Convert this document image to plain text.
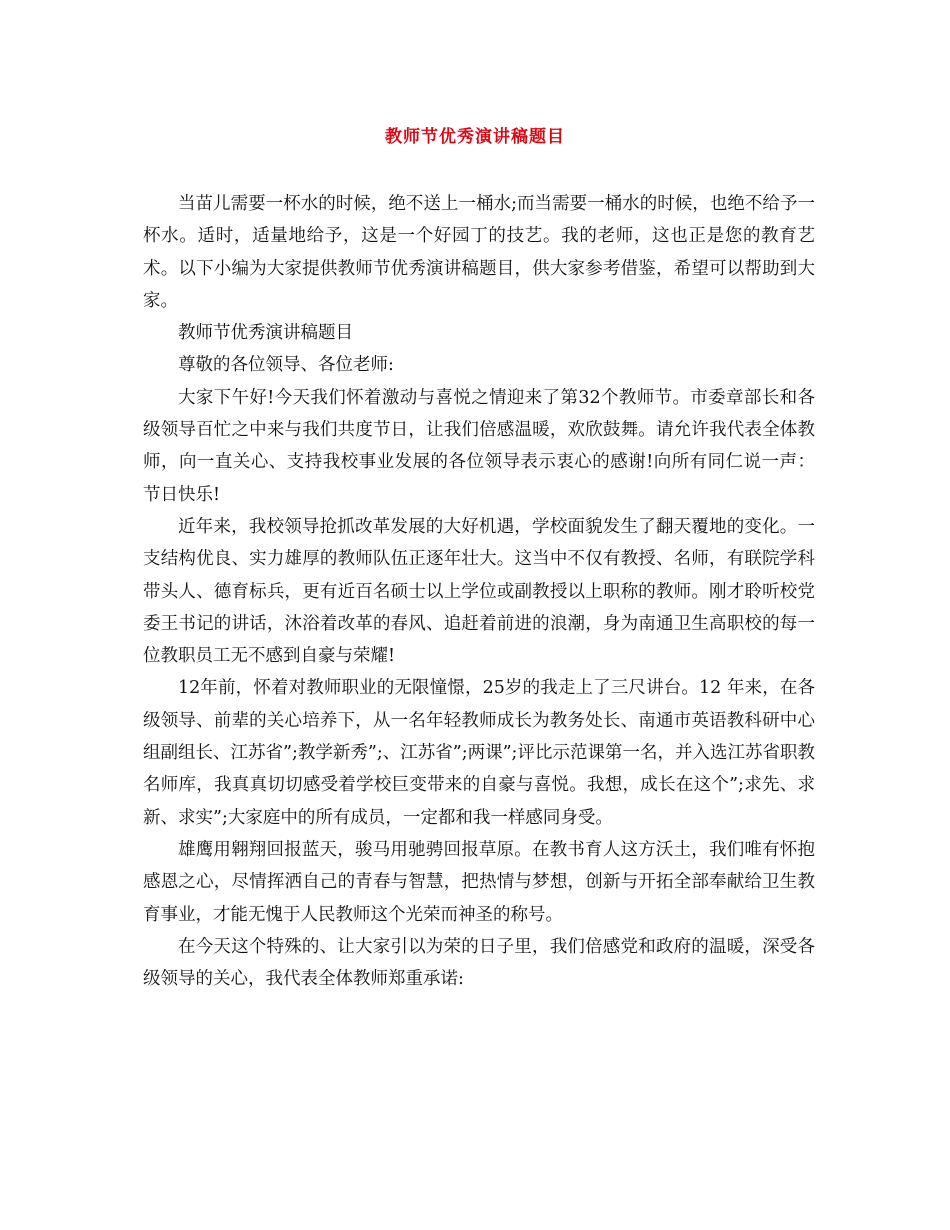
教师节优秀演讲稿题目

当苗儿需要一杯水的时候，绝不送上一桶水;而当需要一桶水的时候，也绝不给予一杯水。适时，适量地给予，这是一个好园丁的技艺。我的老师，这也正是您的教育艺术。以下小编为大家提供教师节优秀演讲稿题目，供大家参考借鉴，希望可以帮助到大家。

教师节优秀演讲稿题目

尊敬的各位领导、各位老师:

大家下午好!今天我们怀着激动与喜悦之情迎来了第32个教师节。市委章部长和各级领导百忙之中来与我们共度节日，让我们倍感温暖，欢欣鼓舞。请允许我代表全体教师，向一直关心、支持我校事业发展的各位领导表示衷心的感谢!向所有同仁说一声：节日快乐!

近年来，我校领导抢抓改革发展的大好机遇，学校面貌发生了翻天覆地的变化。一支结构优良、实力雄厚的教师队伍正逐年壮大。这当中不仅有教授、名师，有联院学科带头人、德育标兵，更有近百名硕士以上学位或副教授以上职称的教师。刚才聆听校党委王书记的讲话，沐浴着改革的春风、追赶着前进的浪潮，身为南通卫生高职校的每一位教职员工无不感到自豪与荣耀!

12年前，怀着对教师职业的无限憧憬，25岁的我走上了三尺讲台。12 年来，在各级领导、前辈的关心培养下，从一名年轻教师成长为教务处长、南通市英语教科研中心组副组长、江苏省”;教学新秀”;、江苏省”;两课”;评比示范课第一名，并入选江苏省职教名师库，我真真切切感受着学校巨变带来的自豪与喜悦。我想，成长在这个”;求先、求新、求实”;大家庭中的所有成员，一定都和我一样感同身受。

雄鹰用翱翔回报蓝天，骏马用驰骋回报草原。在教书育人这方沃土，我们唯有怀抱感恩之心，尽情挥洒自己的青春与智慧，把热情与梦想，创新与开拓全部奉献给卫生教育事业，才能无愧于人民教师这个光荣而神圣的称号。

在今天这个特殊的、让大家引以为荣的日子里，我们倍感党和政府的温暖，深受各级领导的关心，我代表全体教师郑重承诺:
